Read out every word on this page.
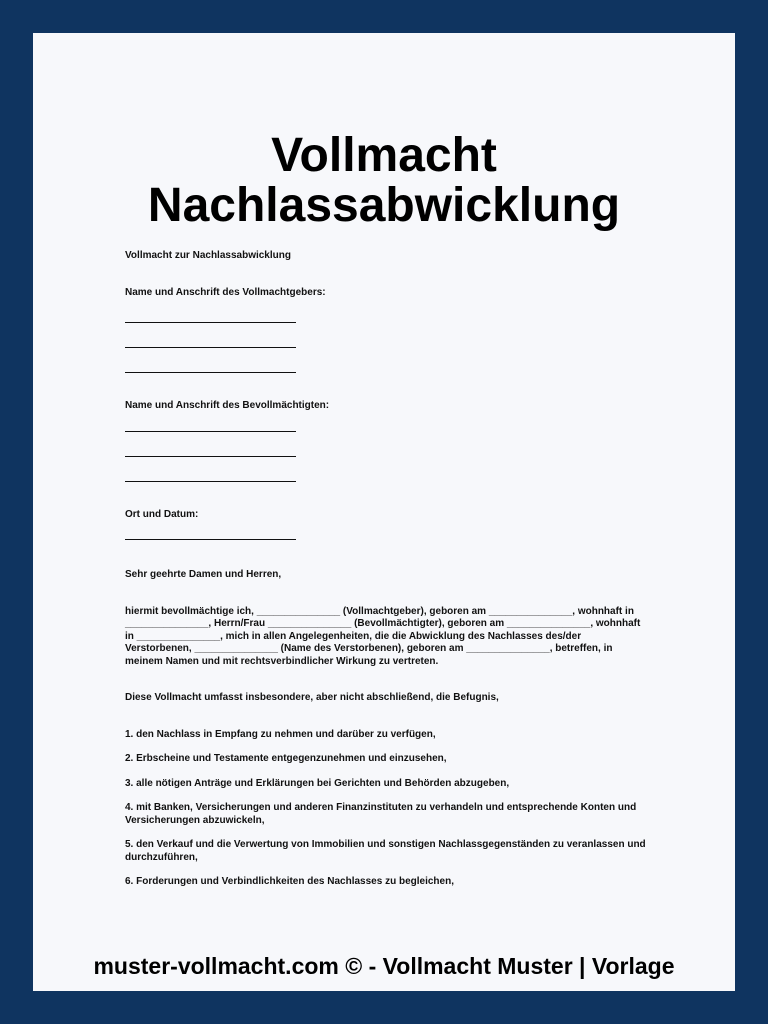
Vollmacht
Nachlassabwicklung

Vollmacht zur Nachlassabwicklung

Name und Anschrift des Vollmachtgebers:

Name und Anschrift des Bevollmächtigten:

Ort und Datum:

Sehr geehrte Damen und Herren,

hiermit bevollmächtige ich, _______________ (Vollmachtgeber), geboren am _______________, wohnhaft in _______________, Herrn/Frau _______________ (Bevollmächtigter), geboren am _______________, wohnhaft in _______________, mich in allen Angelegenheiten, die die Abwicklung des Nachlasses des/der Verstorbenen, _______________ (Name des Verstorbenen), geboren am _______________, betreffen, in meinem Namen und mit rechtsverbindlicher Wirkung zu vertreten.

Diese Vollmacht umfasst insbesondere, aber nicht abschließend, die Befugnis,

1. den Nachlass in Empfang zu nehmen und darüber zu verfügen,

2. Erbscheine und Testamente entgegenzunehmen und einzusehen,

3. alle nötigen Anträge und Erklärungen bei Gerichten und Behörden abzugeben,

4. mit Banken, Versicherungen und anderen Finanzinstituten zu verhandeln und entsprechende Konten und Versicherungen abzuwickeln,

5. den Verkauf und die Verwertung von Immobilien und sonstigen Nachlassgegenständen zu veranlassen und durchzuführen,

6. Forderungen und Verbindlichkeiten des Nachlasses zu begleichen,

muster-vollmacht.com © - Vollmacht Muster | Vorlage
